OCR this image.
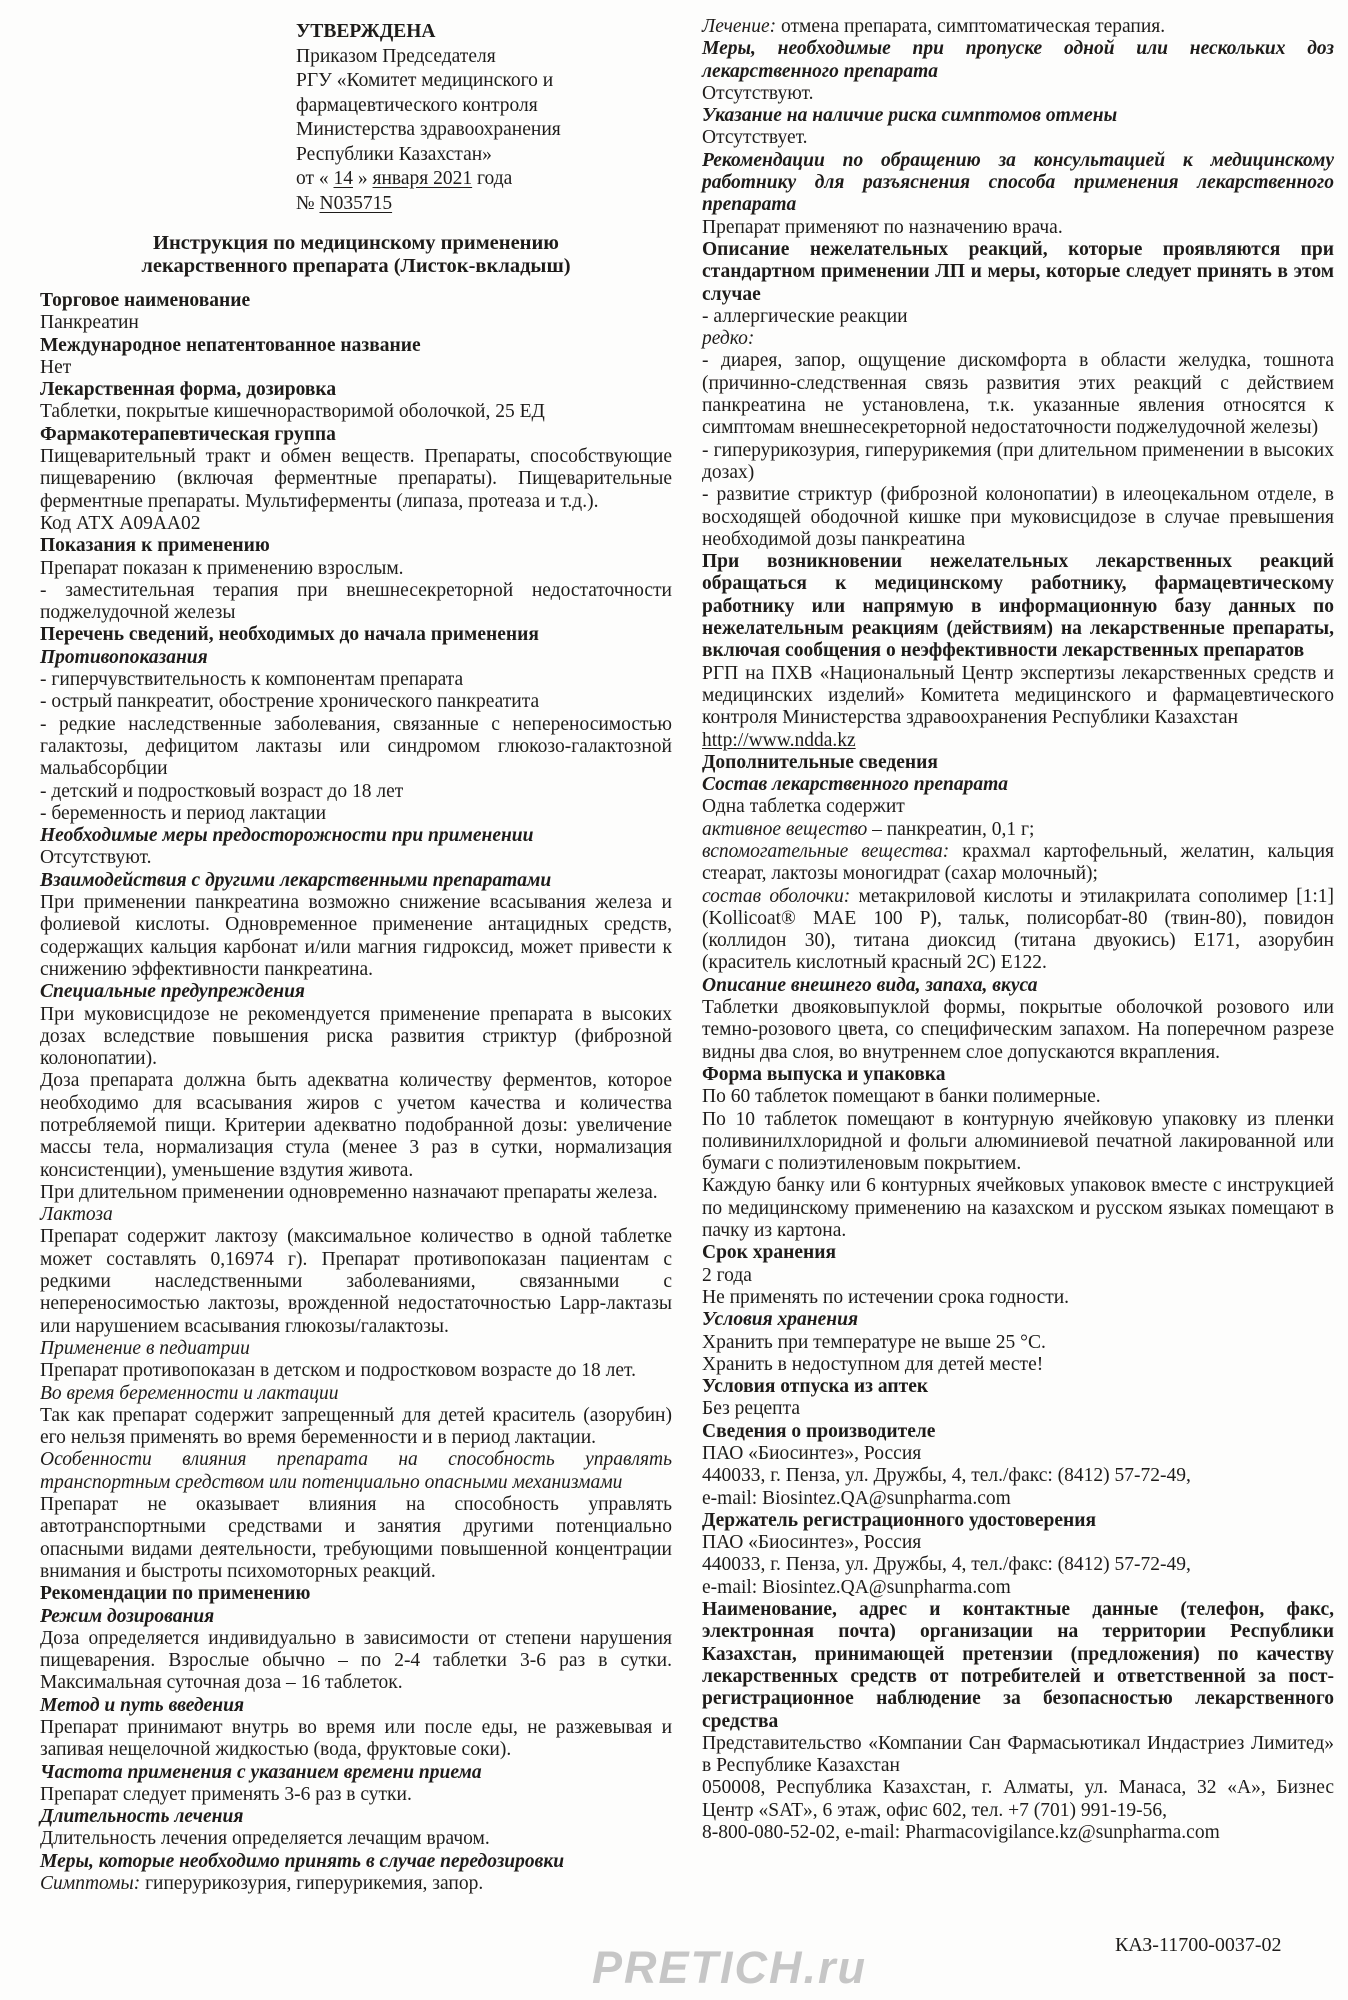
УТВЕРЖДЕНА
Приказом Председателя
РГУ «Комитет медицинского и
фармацевтического контроля
Министерства здравоохранения
Республики Казахстан»
от « 14 » января 2021 года
№ N035715
Инструкция по медицинскому применению
лекарственного препарата (Листок-вкладыш)

Торговое наименование

Панкреатин

Международное непатентованное название

Нет

Лекарственная форма, дозировка

Таблетки, покрытые кишечнорастворимой оболочкой, 25 ЕД

Фармакотерапевтическая группа

Пищеварительный тракт и обмен веществ. Препараты, способствующие пищеварению (включая ферментные препараты). Пищеварительные ферментные препараты. Мультиферменты (липаза, протеаза и т.д.).

Код АТХ А09АА02

Показания к применению

Препарат показан к применению взрослым.

- заместительная терапия при внешнесекреторной недостаточности поджелудочной железы

Перечень сведений, необходимых до начала применения

Противопоказания

- гиперчувствительность к компонентам препарата

- острый панкреатит, обострение хронического панкреатита

- редкие наследственные заболевания, связанные с непереносимостью галактозы, дефицитом лактазы или синдромом глюкозо-галактозной мальабсорбции

- детский и подростковый возраст до 18 лет

- беременность и период лактации

Необходимые меры предосторожности при применении

Отсутствуют.

Взаимодействия с другими лекарственными препаратами

При применении панкреатина возможно снижение всасывания железа и фолиевой кислоты. Одновременное применение антацидных средств, содержащих кальция карбонат и/или магния гидроксид, может привести к снижению эффективности панкреатина.

Специальные предупреждения

При муковисцидозе не рекомендуется применение препарата в высоких дозах вследствие повышения риска развития стриктур (фиброзной колонопатии).

Доза препарата должна быть адекватна количеству ферментов, которое необходимо для всасывания жиров с учетом качества и количества потребляемой пищи. Критерии адекватно подобранной дозы: увеличение массы тела, нормализация стула (менее 3 раз в сутки, нормализация консистенции), уменьшение вздутия живота.

При длительном применении одновременно назначают препараты железа.

Лактоза

Препарат содержит лактозу (максимальное количество в одной таблетке может составлять 0,16974 г). Препарат противопоказан пациентам с редкими наследственными заболеваниями, связанными с непереносимостью лактозы, врожденной недостаточностью Lapp-лактазы или нарушением всасывания глюкозы/галактозы.

Применение в педиатрии

Препарат противопоказан в детском и подростковом возрасте до 18 лет.

Во время беременности и лактации

Так как препарат содержит запрещенный для детей краситель (азорубин) его нельзя применять во время беременности и в период лактации.

Особенности влияния препарата на способность управлять транспортным средством или потенциально опасными механизмами

Препарат не оказывает влияния на способность управлять автотранспортными средствами и занятия другими потенциально опасными видами деятельности, требующими повышенной концентрации внимания и быстроты психомоторных реакций.

Рекомендации по применению

Режим дозирования

Доза определяется индивидуально в зависимости от степени нарушения пищеварения. Взрослые обычно – по 2-4 таблетки 3-6 раз в сутки. Максимальная суточная доза – 16 таблеток.

Метод и путь введения

Препарат принимают внутрь во время или после еды, не разжевывая и запивая нещелочной жидкостью (вода, фруктовые соки).

Частота применения с указанием времени приема

Препарат следует применять 3-6 раз в сутки.

Длительность лечения

Длительность лечения определяется лечащим врачом.

Меры, которые необходимо принять в случае передозировки

Симптомы: гиперурикозурия, гиперурикемия, запор.

Лечение: отмена препарата, симптоматическая терапия.

Меры, необходимые при пропуске одной или нескольких доз лекарственного препарата

Отсутствуют.

Указание на наличие риска симптомов отмены

Отсутствует.

Рекомендации по обращению за консультацией к медицинскому работнику для разъяснения способа применения лекарственного препарата

Препарат применяют по назначению врача.

Описание нежелательных реакций, которые проявляются при стандартном применении ЛП и меры, которые следует принять в этом случае

- аллергические реакции

редко:

- диарея, запор, ощущение дискомфорта в области желудка, тошнота (причинно-следственная связь развития этих реакций с действием панкреатина не установлена, т.к. указанные явления относятся к симптомам внешнесекреторной недостаточности поджелудочной железы)

- гиперурикозурия, гиперурикемия (при длительном применении в высоких дозах)

- развитие стриктур (фиброзной колонопатии) в илеоцекальном отделе, в восходящей ободочной кишке при муковисцидозе в случае превышения необходимой дозы панкреатина

При возникновении нежелательных лекарственных реакций обращаться к медицинскому работнику, фармацевтическому работнику или напрямую в информационную базу данных по нежелательным реакциям (действиям) на лекарственные препараты, включая сообщения о неэффективности лекарственных препаратов

РГП на ПХВ «Национальный Центр экспертизы лекарственных средств и медицинских изделий» Комитета медицинского и фармацевтического контроля Министерства здравоохранения Республики Казахстан

http://www.ndda.kz

Дополнительные сведения

Состав лекарственного препарата

Одна таблетка содержит

активное вещество – панкреатин, 0,1 г;

вспомогательные вещества: крахмал картофельный, желатин, кальция стеарат, лактозы моногидрат (сахар молочный);

состав оболочки: метакриловой кислоты и этилакрилата сополимер [1:1] (Kollicoat® MAE 100 P), тальк, полисорбат-80 (твин-80), повидон (коллидон 30), титана диоксид (титана двуокись) Е171, азорубин (краситель кислотный красный 2С) Е122.

Описание внешнего вида, запаха, вкуса

Таблетки двояковыпуклой формы, покрытые оболочкой розового или темно-розового цвета, со специфическим запахом. На поперечном разрезе видны два слоя, во внутреннем слое допускаются вкрапления.

Форма выпуска и упаковка

По 60 таблеток помещают в банки полимерные.

По 10 таблеток помещают в контурную ячейковую упаковку из пленки поливинилхлоридной и фольги алюминиевой печатной лакированной или бумаги с полиэтиленовым покрытием.

Каждую банку или 6 контурных ячейковых упаковок вместе с инструкцией по медицинскому применению на казахском и русском языках помещают в пачку из картона.

Срок хранения

2 года

Не применять по истечении срока годности.

Условия хранения

Хранить при температуре не выше 25 °С.

Хранить в недоступном для детей месте!

Условия отпуска из аптек

Без рецепта

Сведения о производителе

ПАО «Биосинтез», Россия

440033, г. Пенза, ул. Дружбы, 4, тел./факс: (8412) 57-72-49,

e-mail: Biosintez.QA@sunpharma.com

Держатель регистрационного удостоверения

ПАО «Биосинтез», Россия

440033, г. Пенза, ул. Дружбы, 4, тел./факс: (8412) 57-72-49,

e-mail: Biosintez.QA@sunpharma.com

Наименование, адрес и контактные данные (телефон, факс, электронная почта) организации на территории Республики Казахстан, принимающей претензии (предложения) по качеству лекарственных средств от потребителей и ответственной за пост-регистрационное наблюдение за безопасностью лекарственного средства

Представительство «Компании Сан Фармасьютикал Индастриез Лимитед» в Республике Казахстан

050008, Республика Казахстан, г. Алматы, ул. Манаса, 32 «А», Бизнес Центр «SAT», 6 этаж, офис 602, тел. +7 (701) 991-19-56,

8-800-080-52-02, e-mail: Pharmacovigilance.kz@sunpharma.com

PRETICH.ru	КАЗ-11700-0037-02
